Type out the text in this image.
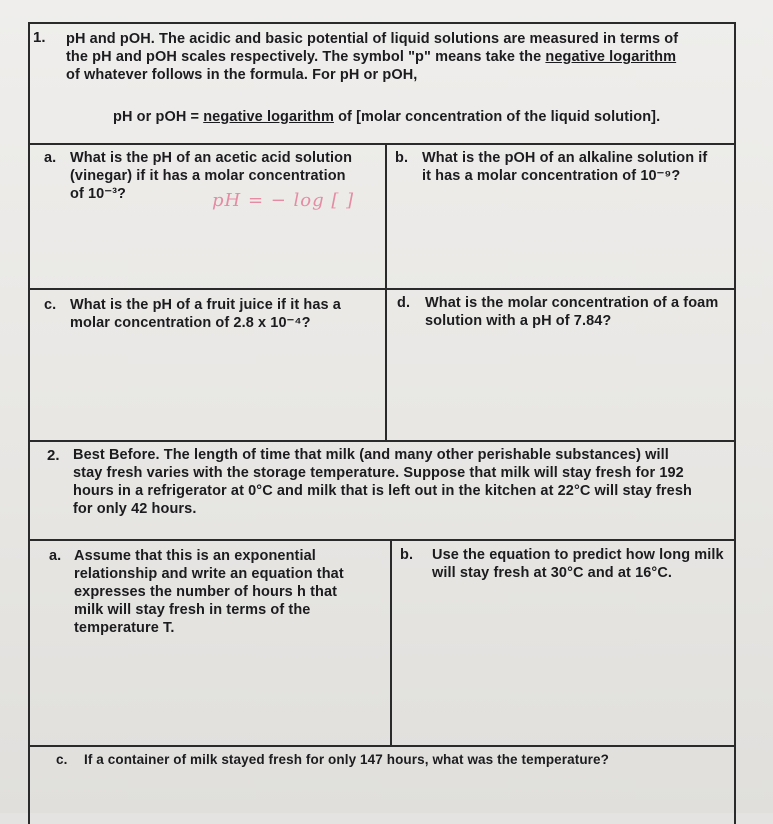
1. pH and pOH. The acidic and basic potential of liquid solutions are measured in terms of
the pH and pOH scales respectively. The symbol "p" means take the negative logarithm
of whatever follows in the formula. For pH or pOH,
pH or pOH = negative logarithm of [molar concentration of the liquid solution].
a. What is the pH of an acetic acid solution
(vinegar) if it has a molar concentration
of 10⁻³?	pH = − log [ ]
b. What is the pOH of an alkaline solution if
it has a molar concentration of 10⁻⁹?
c. What is the pH of a fruit juice if it has a
molar concentration of 2.8 x 10⁻⁴?
d. What is the molar concentration of a foam
solution with a pH of 7.84?
2. Best Before. The length of time that milk (and many other perishable substances) will
stay fresh varies with the storage temperature. Suppose that milk will stay fresh for 192
hours in a refrigerator at 0°C and milk that is left out in the kitchen at 22°C will stay fresh
for only 42 hours.
a. Assume that this is an exponential
relationship and write an equation that
expresses the number of hours h that
milk will stay fresh in terms of the
temperature T.
b. Use the equation to predict how long milk
will stay fresh at 30°C and at 16°C.
c. If a container of milk stayed fresh for only 147 hours, what was the temperature?
